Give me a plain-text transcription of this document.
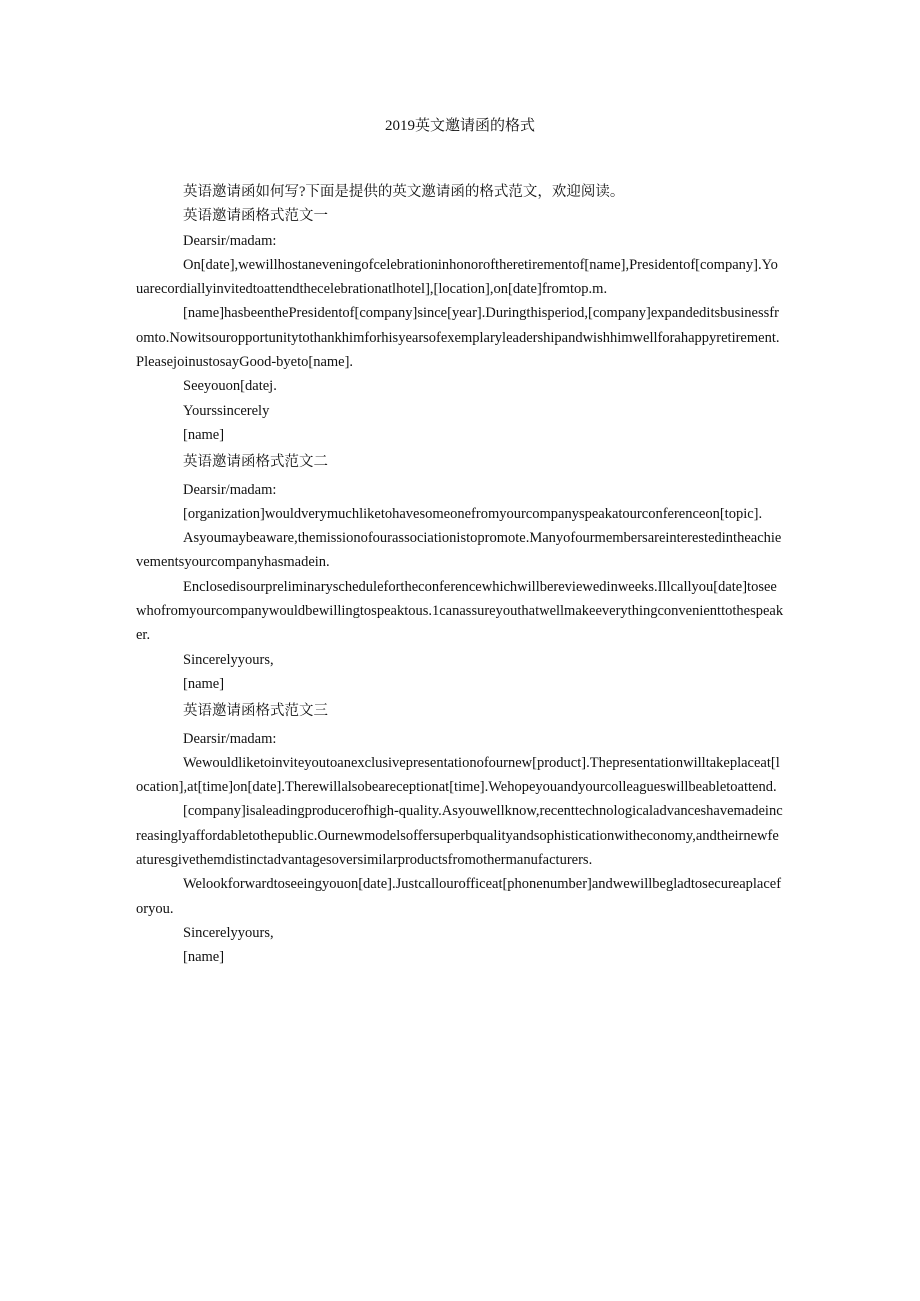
2019英文邀请函的格式

英语邀请函如何写?下面是提供的英文邀请函的格式范文，欢迎阅读。

英语邀请函格式范文一

Dearsir/madam:

On[date],wewillhostaneveningofcelebrationinhonoroftheretirementof[name],Presidentof[company].Youarecordiallyinvitedtoattendthecelebrationatlhotel],[location],on[date]fromtop.m.

[name]hasbeenthePresidentof[company]since[year].Duringthisperiod,[company]expandeditsbusinessfromto.Nowitsouropportunitytothankhimforhisyearsofexemplaryleadershipandwishhimwellforahappyretirement.PleasejoinustosayGood-byeto[name].

Seeyouon[datej.

Yourssincerely

[name]

英语邀请函格式范文二

Dearsir/madam:

[organization]wouldverymuchliketohavesomeonefromyourcompanyspeakatourconferenceon[topic].

Asyoumaybeaware,themissionofourassociationistopromote.Manyofourmembersareinterestedintheachievementsyourcompanyhasmadein.

Enclosedisourpreliminaryschedulefortheconferencewhichwillbereviewedinweeks.Illcallyou[date]toseewhofromyourcompanywouldbewillingtospeaktous.1canassureyouthatwellmakeeverythingconvenienttothespeaker.

Sincerelyyours,

[name]

英语邀请函格式范文三

Dearsir/madam:

Wewouldliketoinviteyoutoanexclusivepresentationofournew[product].Thepresentationwilltakeplaceat[location],at[time]on[date].Therewillalsobeareceptionat[time].Wehopeyouandyourcolleagueswillbeabletoattend.

[company]isaleadingproducerofhigh-quality.Asyouwellknow,recenttechnologicaladvanceshavemadeincreasinglyaffordabletothepublic.Ournewmodelsoffersuperbqualityandsophisticationwitheconomy,andtheirnewfeaturesgivethemdistinctadvantagesoversimilarproductsfromothermanufacturers.

Welookforwardtoseeingyouon[date].Justcallourofficeat[phonenumber]andwewillbegladtosecureaplaceforyou.

Sincerelyyours,

[name]
